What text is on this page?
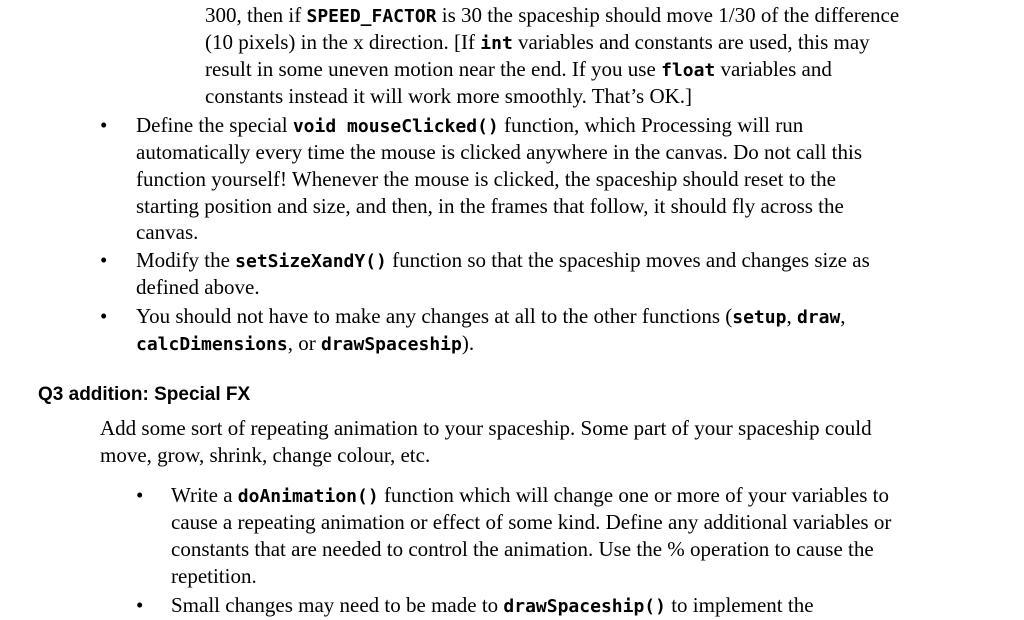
300, then if SPEED_FACTOR is 30 the spaceship should move 1/30 of the difference
(10 pixels) in the x direction. [If int variables and constants are used, this may
result in some uneven motion near the end. If you use float variables and
constants instead it will work more smoothly. That’s OK.]
• Define the special void mouseClicked() function, which Processing will run
automatically every time the mouse is clicked anywhere in the canvas. Do not call this
function yourself! Whenever the mouse is clicked, the spaceship should reset to the
starting position and size, and then, in the frames that follow, it should fly across the
canvas.
• Modify the setSizeXandY() function so that the spaceship moves and changes size as
defined above.
• You should not have to make any changes at all to the other functions (setup, draw,
calcDimensions, or drawSpaceship).
Q3 addition: Special FX
Add some sort of repeating animation to your spaceship. Some part of your spaceship could
move, grow, shrink, change colour, etc.
• Write a doAnimation() function which will change one or more of your variables to
cause a repeating animation or effect of some kind. Define any additional variables or
constants that are needed to control the animation. Use the % operation to cause the
repetition.
• Small changes may need to be made to drawSpaceship() to implement the
